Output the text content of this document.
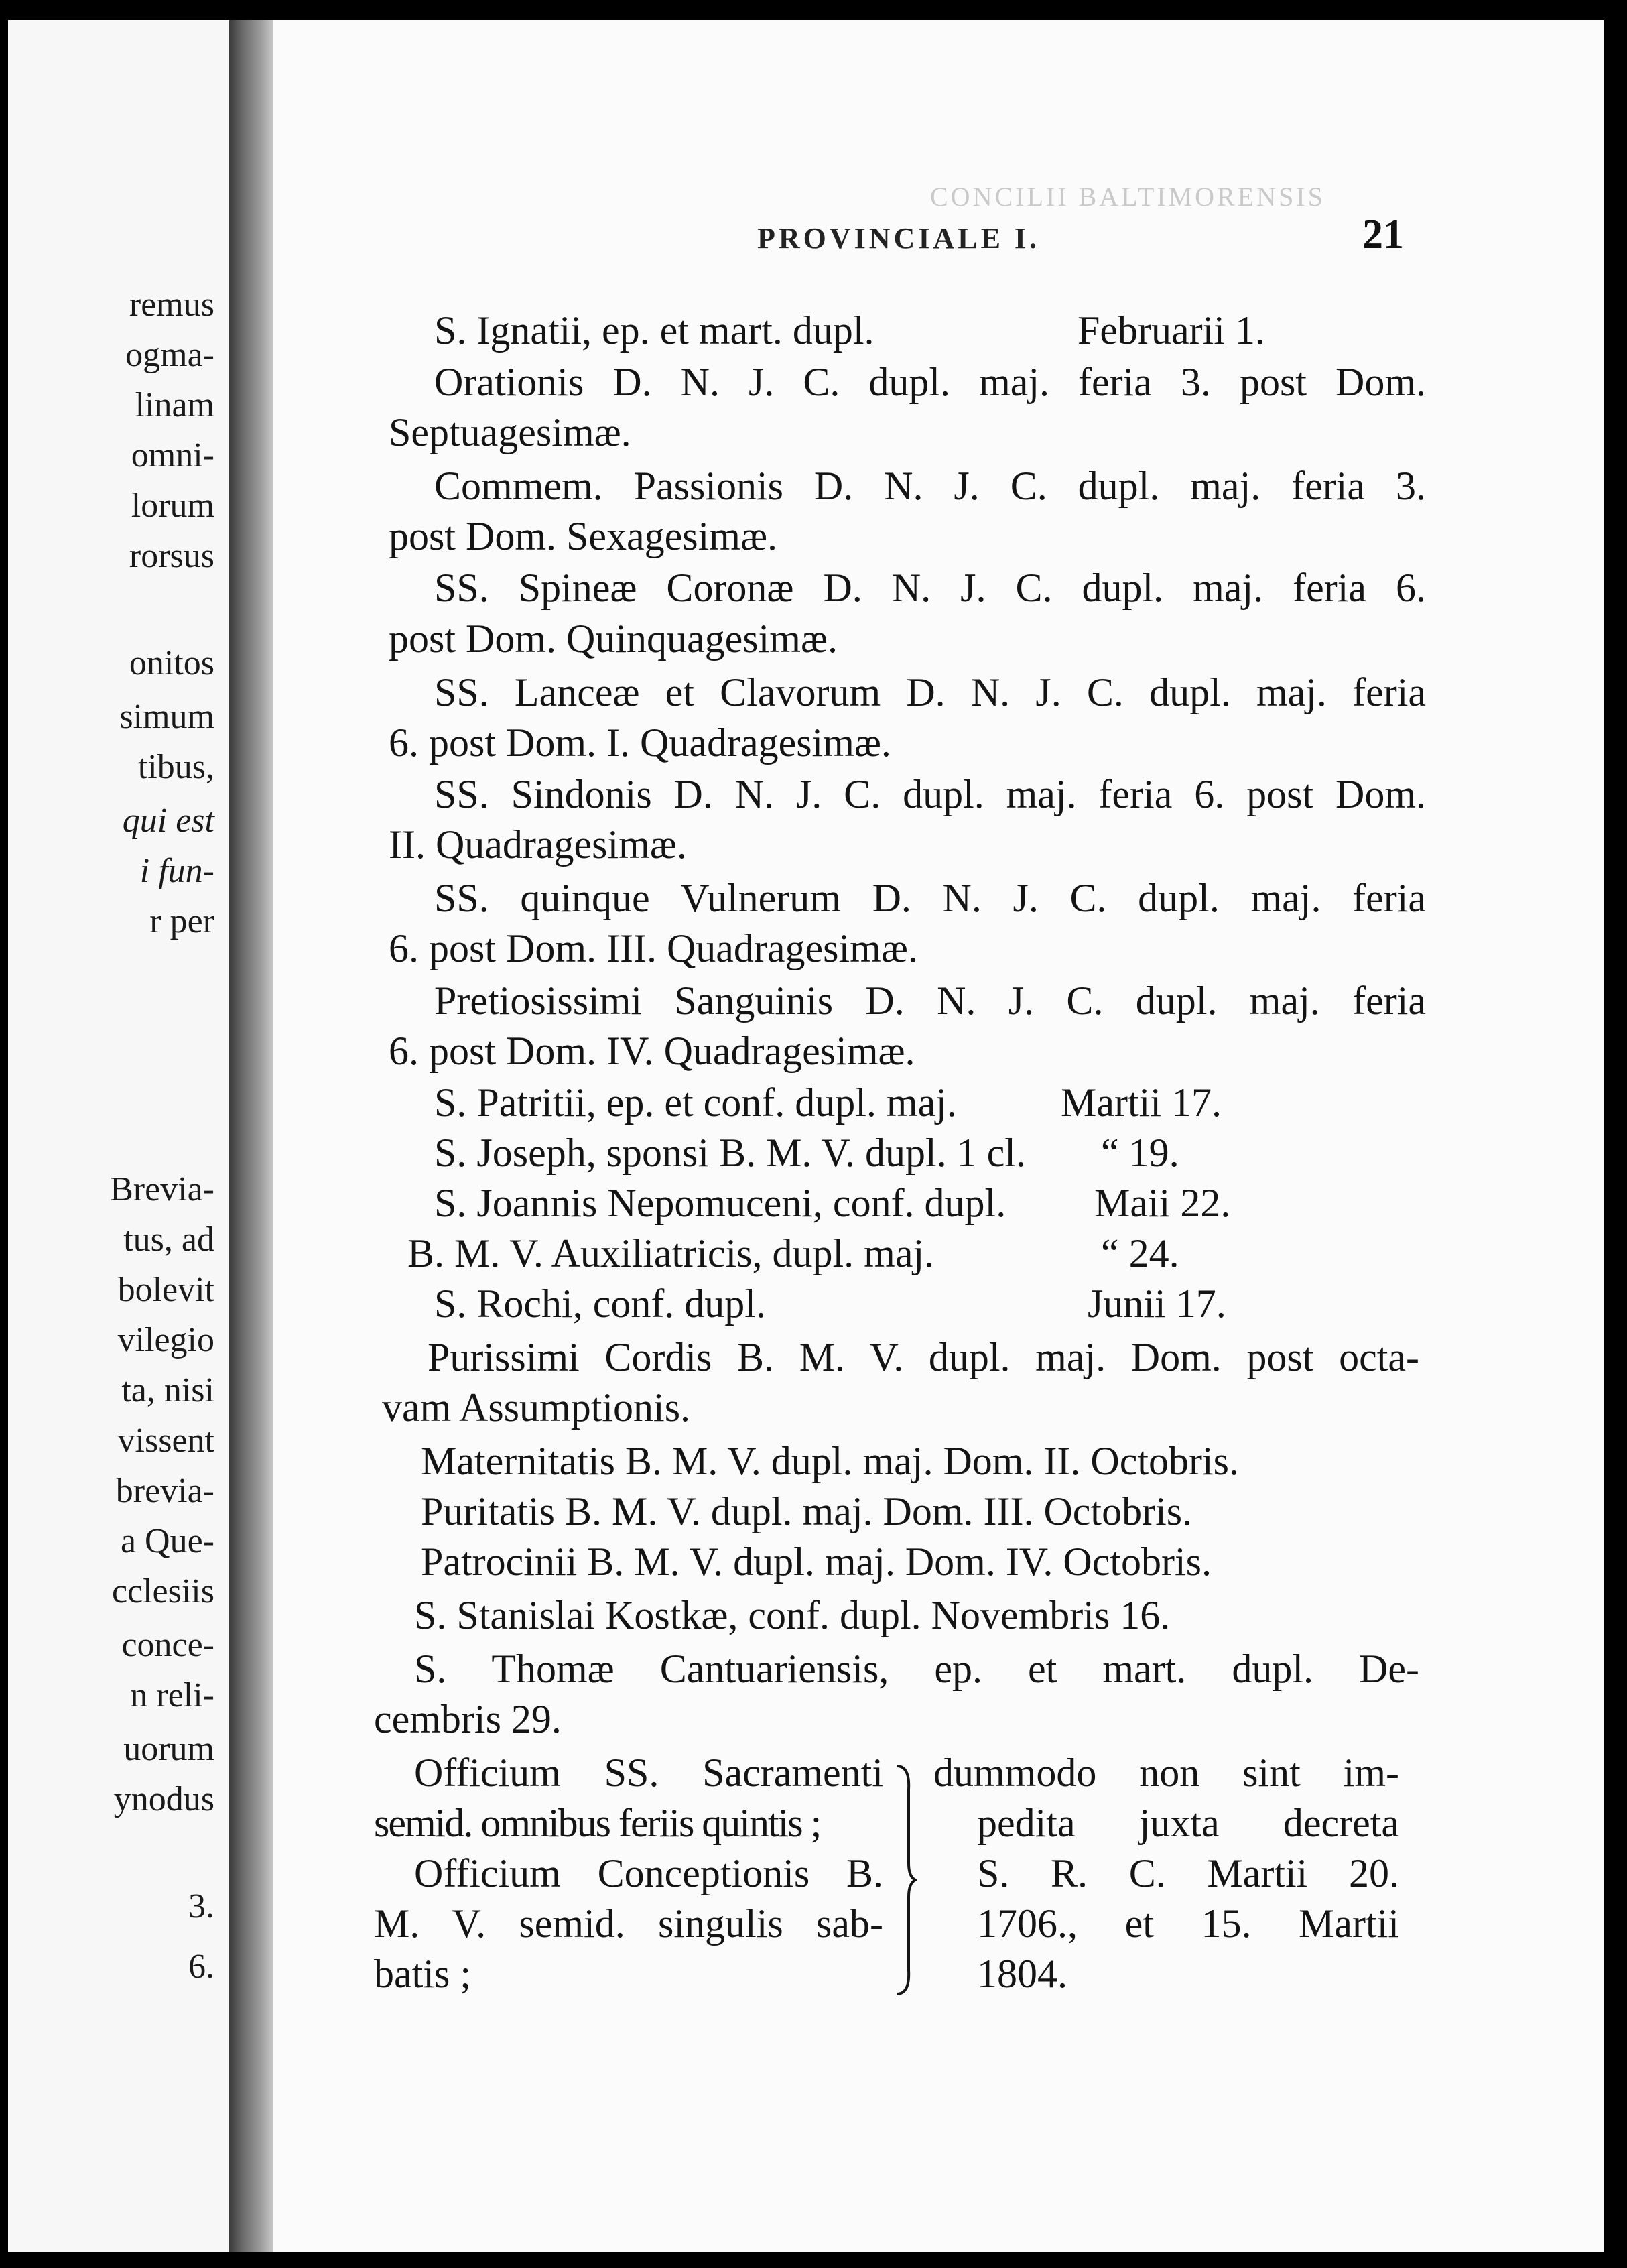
remus
ogma-
linam
omni-
lorum
rorsus
onitos
simum
tibus,
qui est
i fun-
r per
Brevia-
tus, ad
bolevit
vilegio
ta, nisi
vissent
brevia-
a Que-
cclesiis
conce-
n reli-
uorum
ynodus
3.
6.
CONCILII BALTIMORENSIS
PROVINCIALE I.	21
S. Ignatii, ep. et mart. dupl.	Februarii 1.
Orationis D. N. J. C. dupl. maj. feria 3. post Dom.
Septuagesimæ.
Commem. Passionis D. N. J. C. dupl. maj. feria 3.
post Dom. Sexagesimæ.
SS. Spineæ Coronæ D. N. J. C. dupl. maj. feria 6.
post Dom. Quinquagesimæ.
SS. Lanceæ et Clavorum D. N. J. C. dupl. maj. feria
6. post Dom. I. Quadragesimæ.
SS. Sindonis D. N. J. C. dupl. maj. feria 6. post Dom.
II. Quadragesimæ.
SS. quinque Vulnerum D. N. J. C. dupl. maj. feria
6. post Dom. III. Quadragesimæ.
Pretiosissimi Sanguinis D. N. J. C. dupl. maj. feria
6. post Dom. IV. Quadragesimæ.
S. Patritii, ep. et conf. dupl. maj.	Martii 17.
S. Joseph, sponsi B. M. V. dupl. 1 cl. “ 19.
S. Joannis Nepomuceni, conf. dupl. Maii 22.
B. M. V. Auxiliatricis, dupl. maj.	“ 24.
S. Rochi, conf. dupl.	Junii 17.
Purissimi Cordis B. M. V. dupl. maj. Dom. post octa-
vam Assumptionis.
Maternitatis B. M. V. dupl. maj. Dom. II. Octobris.
Puritatis B. M. V. dupl. maj. Dom. III. Octobris.
Patrocinii B. M. V. dupl. maj. Dom. IV. Octobris.
S. Stanislai Kostkæ, conf. dupl. Novembris 16.
S. Thomæ Cantuariensis, ep. et mart. dupl. De-
cembris 29.
Officium SS. Sacramenti
semid. omnibus feriis quintis ;
Officium Conceptionis B.
M. V. semid. singulis sab-
batis ;
dummodo non sint im-
pedita juxta decreta
S. R. C. Martii 20.
1706., et 15. Martii
1804.
